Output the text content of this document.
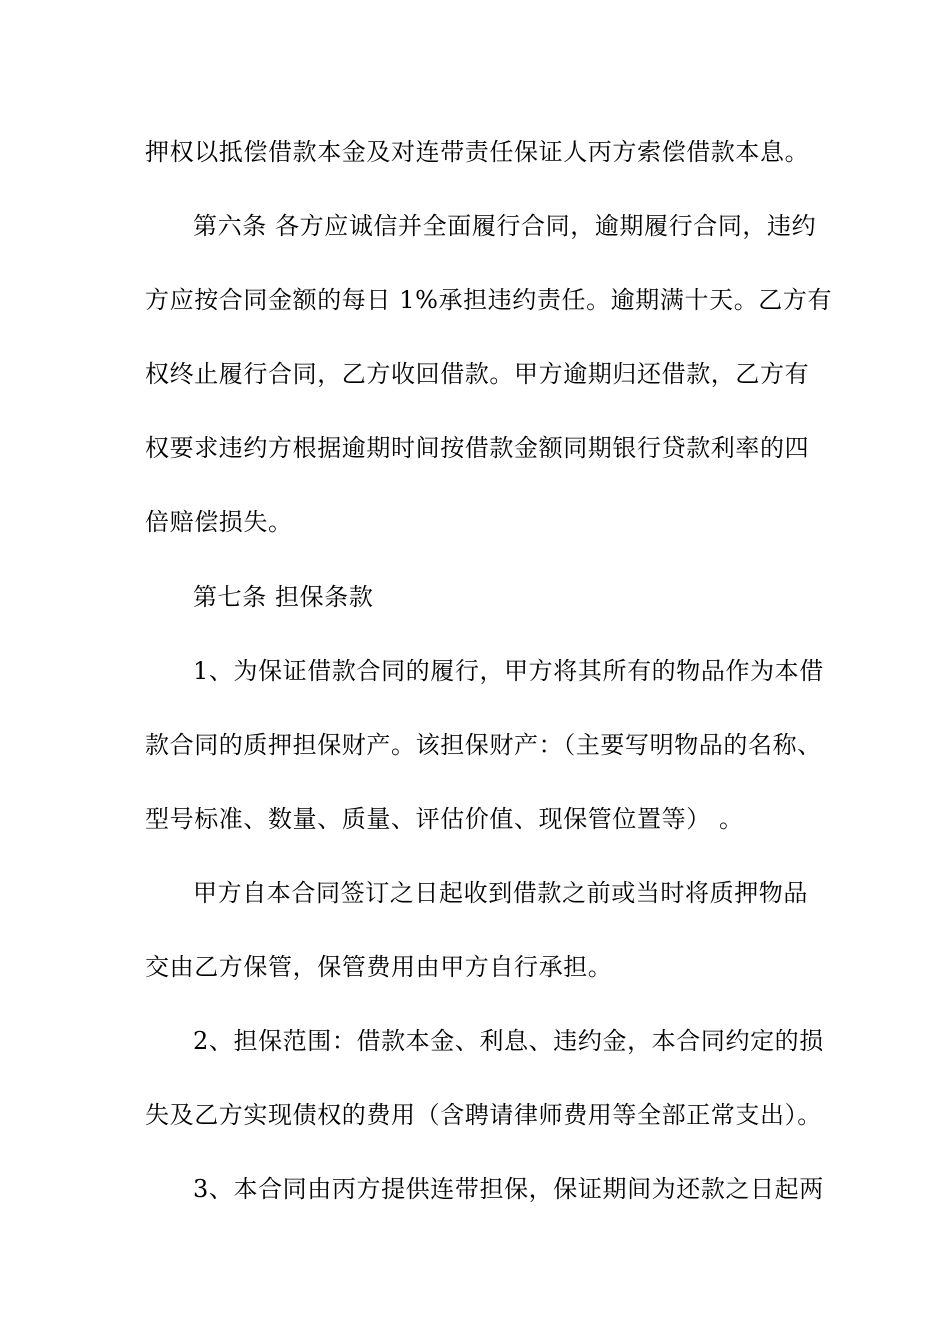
押权以抵偿借款本金及对连带责任保证人丙方索偿借款本息。
第六条 各方应诚信并全面履行合同，逾期履行合同，违约
方应按合同金额的每日 1%承担违约责任。逾期满十天。乙方有
权终止履行合同，乙方收回借款。甲方逾期归还借款，乙方有
权要求违约方根据逾期时间按借款金额同期银行贷款利率的四
倍赔偿损失。
第七条 担保条款
1、为保证借款合同的履行，甲方将其所有的物品作为本借
款合同的质押担保财产。该担保财产：（主要写明物品的名称、
型号标准、数量、质量、评估价值、现保管位置等） 。
甲方自本合同签订之日起收到借款之前或当时将质押物品
交由乙方保管，保管费用由甲方自行承担。
2、担保范围：借款本金、利息、违约金，本合同约定的损
失及乙方实现债权的费用（含聘请律师费用等全部正常支出）。
3、本合同由丙方提供连带担保，保证期间为还款之日起两
